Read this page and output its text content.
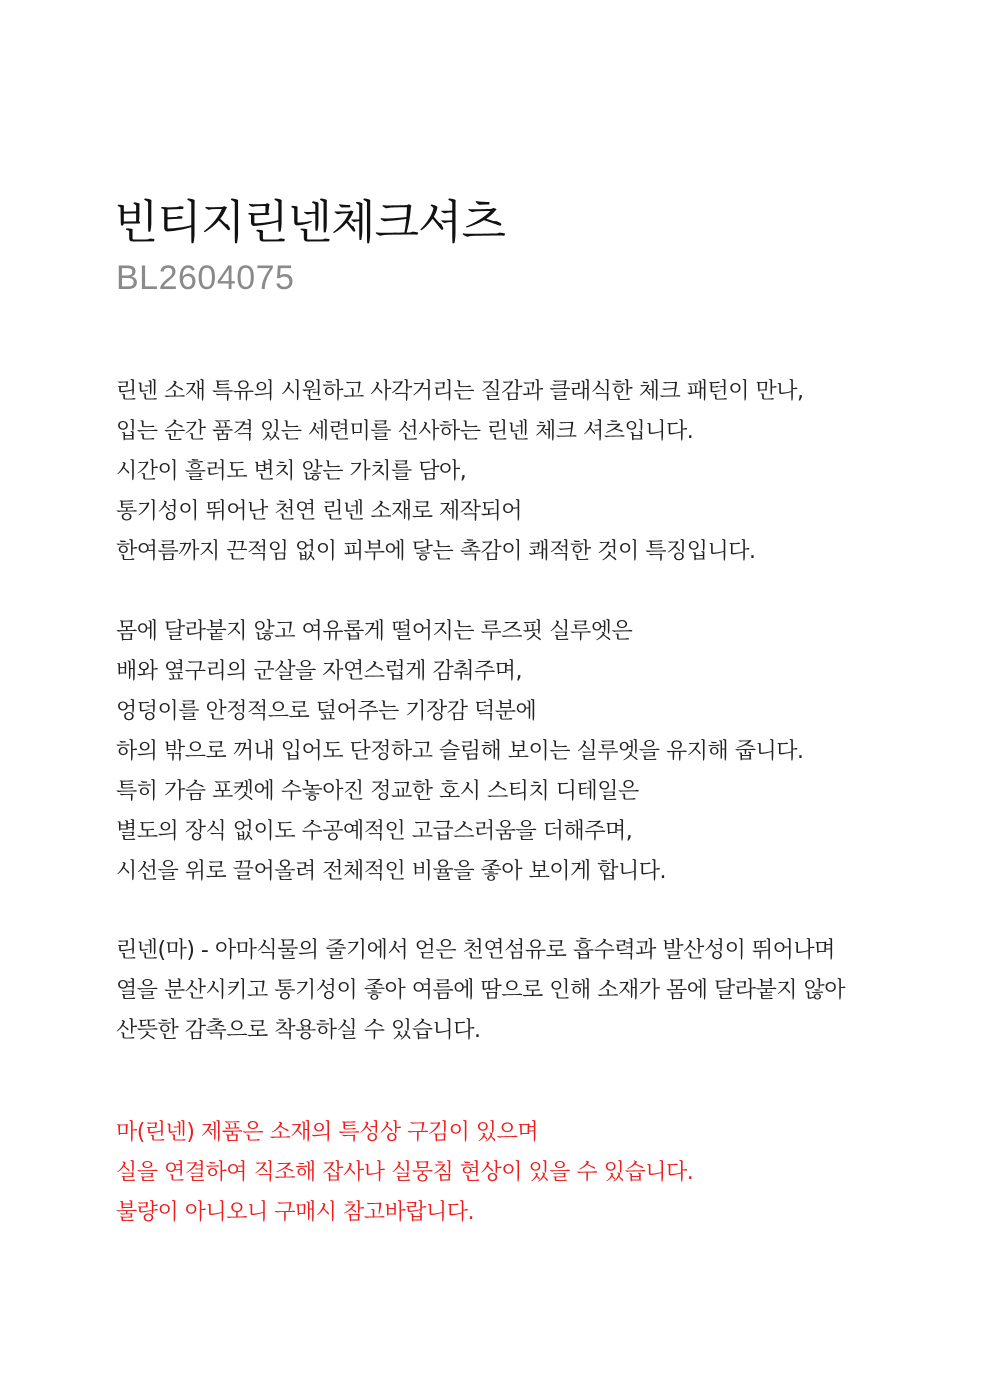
빈티지린넨체크셔츠
BL2604075
린넨 소재 특유의 시원하고 사각거리는 질감과 클래식한 체크 패턴이 만나,
입는 순간 품격 있는 세련미를 선사하는 린넨 체크 셔츠입니다.
시간이 흘러도 변치 않는 가치를 담아,
통기성이 뛰어난 천연 린넨 소재로 제작되어
한여름까지 끈적임 없이 피부에 닿는 촉감이 쾌적한 것이 특징입니다.
몸에 달라붙지 않고 여유롭게 떨어지는 루즈핏 실루엣은
배와 옆구리의 군살을 자연스럽게 감춰주며,
엉덩이를 안정적으로 덮어주는 기장감 덕분에
하의 밖으로 꺼내 입어도 단정하고 슬림해 보이는 실루엣을 유지해 줍니다.
특히 가슴 포켓에 수놓아진 정교한 호시 스티치 디테일은
별도의 장식 없이도 수공예적인 고급스러움을 더해주며,
시선을 위로 끌어올려 전체적인 비율을 좋아 보이게 합니다.
린넨(마) - 아마식물의 줄기에서 얻은 천연섬유로 흡수력과 발산성이 뛰어나며
열을 분산시키고 통기성이 좋아 여름에 땀으로 인해 소재가 몸에 달라붙지 않아
산뜻한 감촉으로 착용하실 수 있습니다.
마(린넨) 제품은 소재의 특성상 구김이 있으며
실을 연결하여 직조해 잡사나 실뭉침 현상이 있을 수 있습니다.
불량이 아니오니 구매시 참고바랍니다.
